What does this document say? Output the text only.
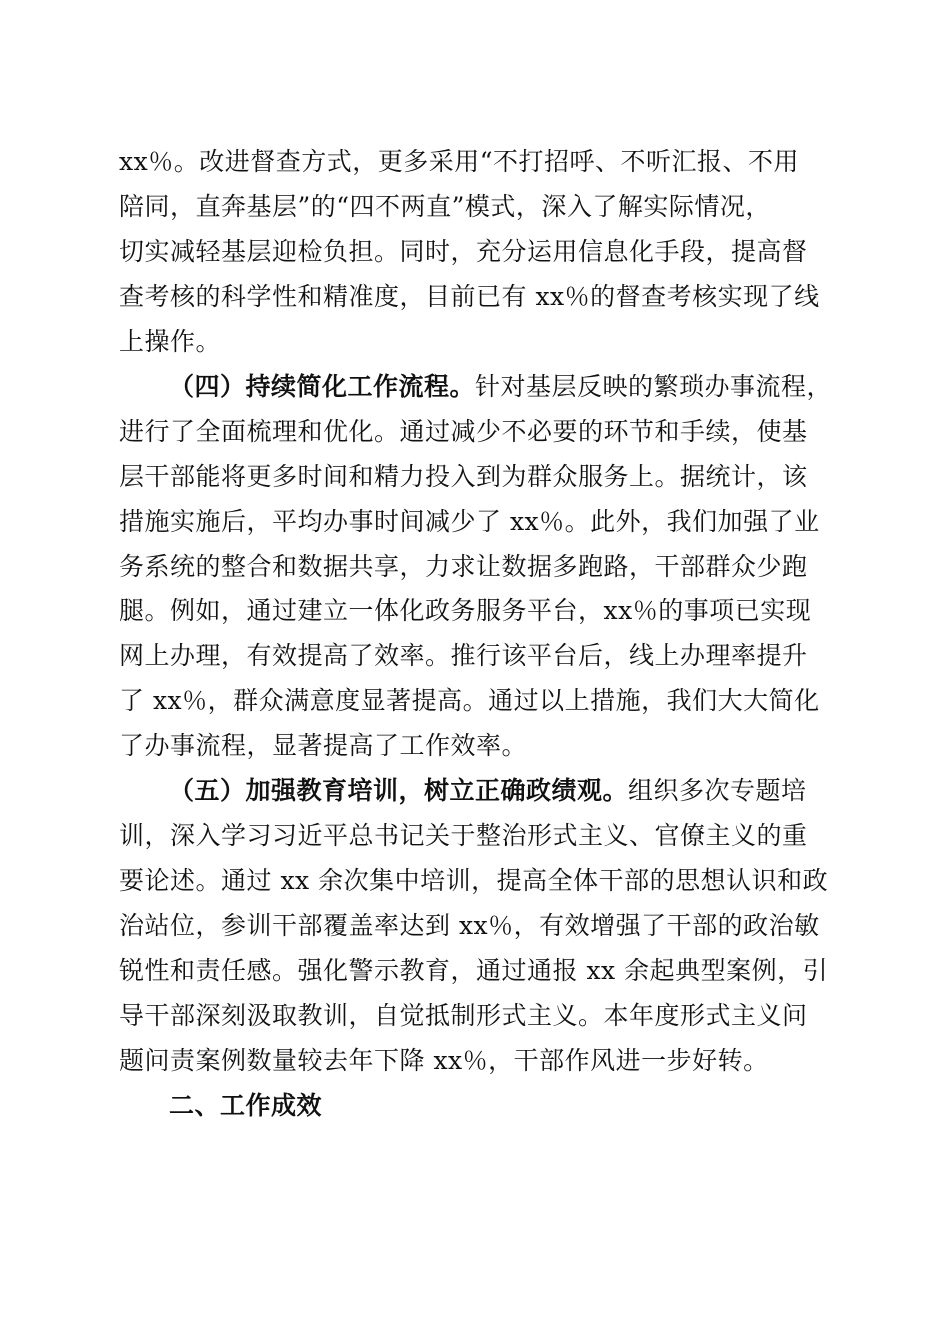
xx％。改进督查方式，更多采用“不打招呼、不听汇报、不用
陪同，直奔基层”的“四不两直”模式，深入了解实际情况，
切实减轻基层迎检负担。同时，充分运用信息化手段，提高督
查考核的科学性和精准度，目前已有 xx％的督查考核实现了线
上操作。
（四）持续简化工作流程。针对基层反映的繁琐办事流程，
进行了全面梳理和优化。通过减少不必要的环节和手续，使基
层干部能将更多时间和精力投入到为群众服务上。据统计，该
措施实施后，平均办事时间减少了 xx％。此外，我们加强了业
务系统的整合和数据共享，力求让数据多跑路，干部群众少跑
腿。例如，通过建立一体化政务服务平台，xx％的事项已实现
网上办理，有效提高了效率。推行该平台后，线上办理率提升
了 xx％，群众满意度显著提高。通过以上措施，我们大大简化
了办事流程，显著提高了工作效率。
（五）加强教育培训，树立正确政绩观。组织多次专题培
训，深入学习习近平总书记关于整治形式主义、官僚主义的重
要论述。通过 xx 余次集中培训，提高全体干部的思想认识和政
治站位，参训干部覆盖率达到 xx％，有效增强了干部的政治敏
锐性和责任感。强化警示教育，通过通报 xx 余起典型案例，引
导干部深刻汲取教训，自觉抵制形式主义。本年度形式主义问
题问责案例数量较去年下降 xx％，干部作风进一步好转。
二、工作成效
